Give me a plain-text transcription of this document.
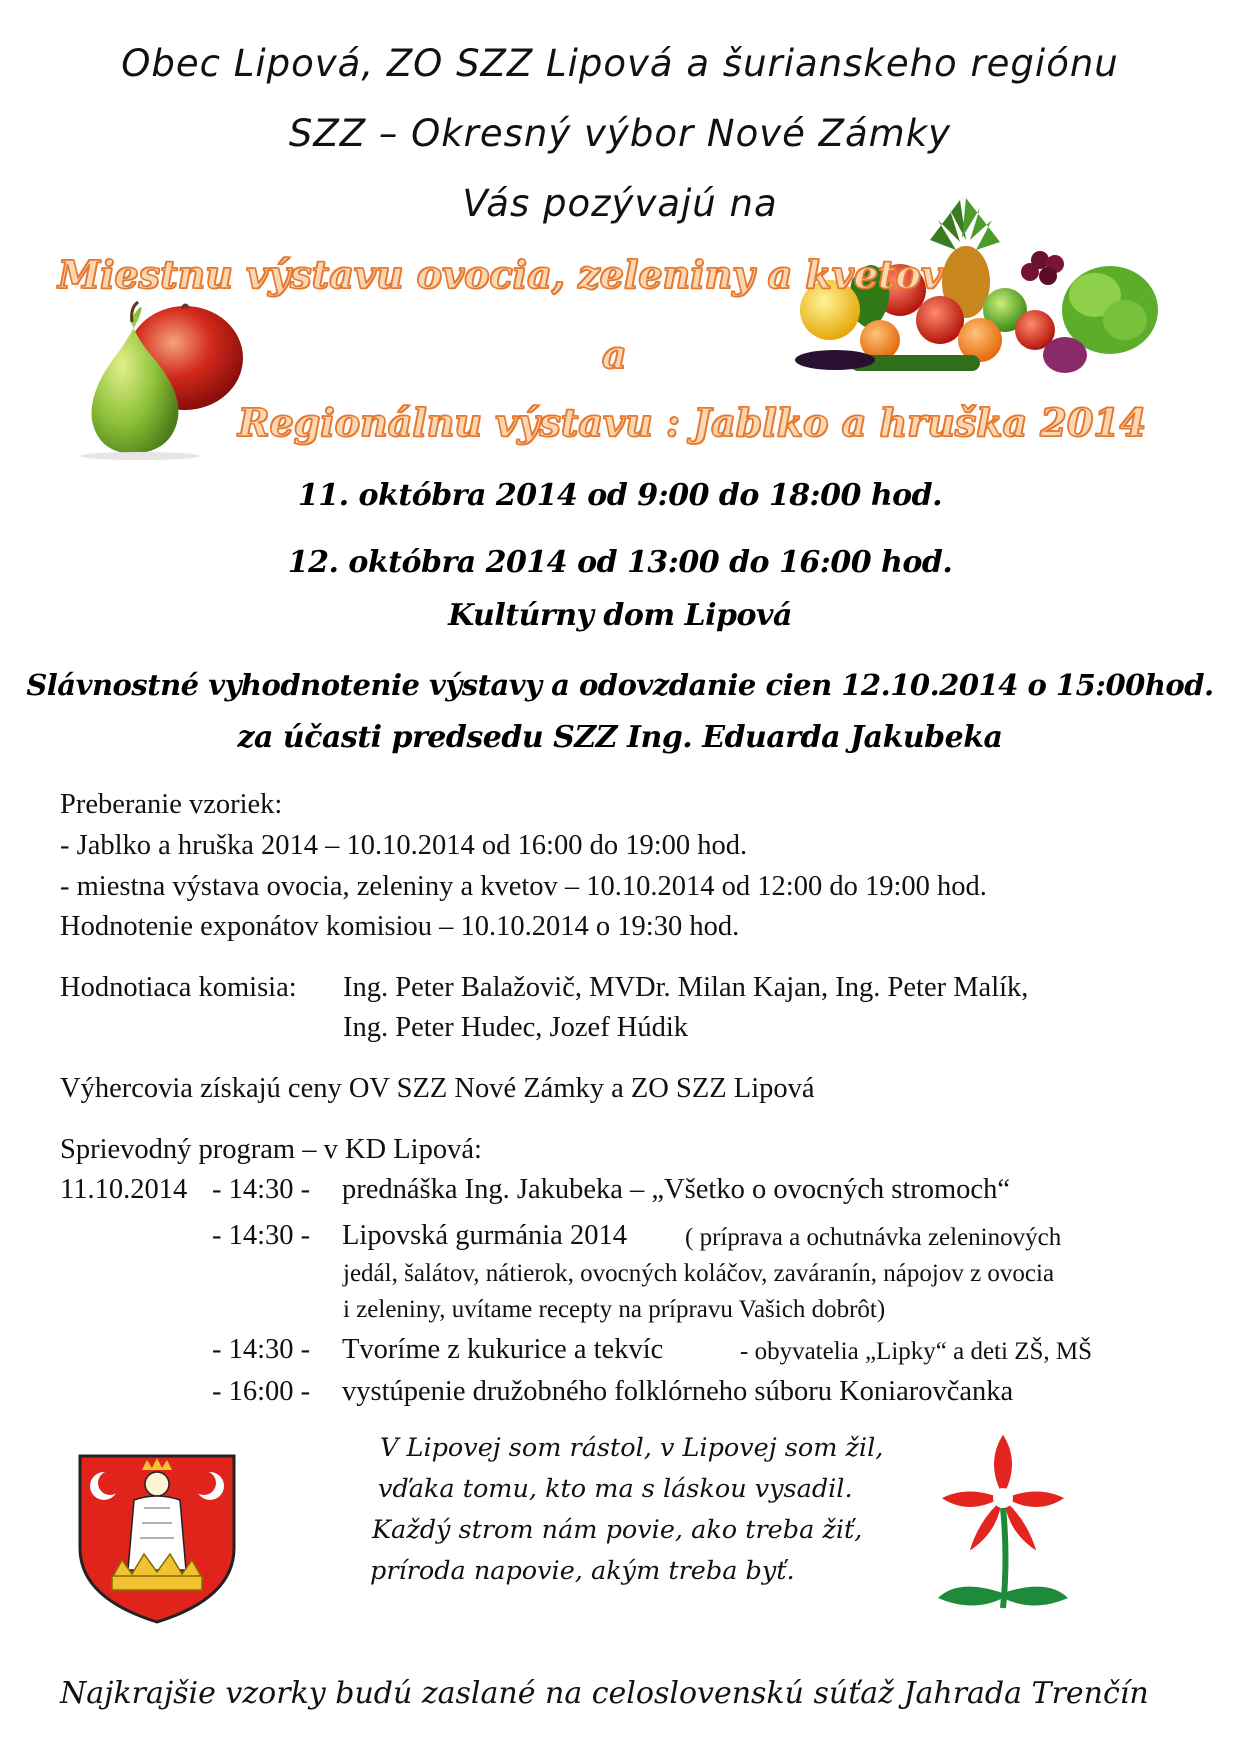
Obec Lipová, ZO SZZ Lipová a šurianskeho regiónu
SZZ – Okresný výbor Nové Zámky
Vás pozývajú na
Miestnu výstavu ovocia, zeleniny a kvetov
a
Regionálnu výstavu : Jablko a hruška 2014
11. októbra 2014 od 9:00 do 18:00 hod.
12. októbra 2014 od 13:00 do 16:00 hod.
Kultúrny dom Lipová
Slávnostné vyhodnotenie výstavy a odovzdanie cien 12.10.2014 o 15:00hod.
za účasti predsedu SZZ Ing. Eduarda Jakubeka
Preberanie vzoriek:
- Jablko a hruška 2014 – 10.10.2014 od 16:00 do 19:00 hod.
- miestna výstava ovocia, zeleniny a kvetov – 10.10.2014 od 12:00 do 19:00 hod.
Hodnotenie exponátov komisiou – 10.10.2014 o 19:30 hod.
Hodnotiaca komisia: Ing. Peter Balažovič, MVDr. Milan Kajan, Ing. Peter Malík,
Ing. Peter Hudec, Jozef Húdik
Výhercovia získajú ceny OV SZZ Nové Zámky a ZO SZZ Lipová
Sprievodný program – v KD Lipová:
11.10.2014 - 14:30 - prednáška Ing. Jakubeka – „Všetko o ovocných stromoch“
- 14:30 - Lipovská gurmánia 2014 ( príprava a ochutnávka zeleninových
jedál, šalátov, nátierok, ovocných koláčov, zaváranín, nápojov z ovocia
i zeleniny, uvítame recepty na prípravu Vašich dobrôt)
- 14:30 - Tvoríme z kukurice a tekvíc	- obyvatelia „Lipky“ a deti ZŠ, MŠ
- 16:00 - vystúpenie družobného folklórneho súboru Koniarovčanka
V Lipovej som rástol, v Lipovej som žil,
vďaka tomu, kto ma s láskou vysadil.
Každý strom nám povie, ako treba žiť,
príroda napovie, akým treba byť.
Najkrajšie vzorky budú zaslané na celoslovenskú súťaž Jahrada Trenčín
